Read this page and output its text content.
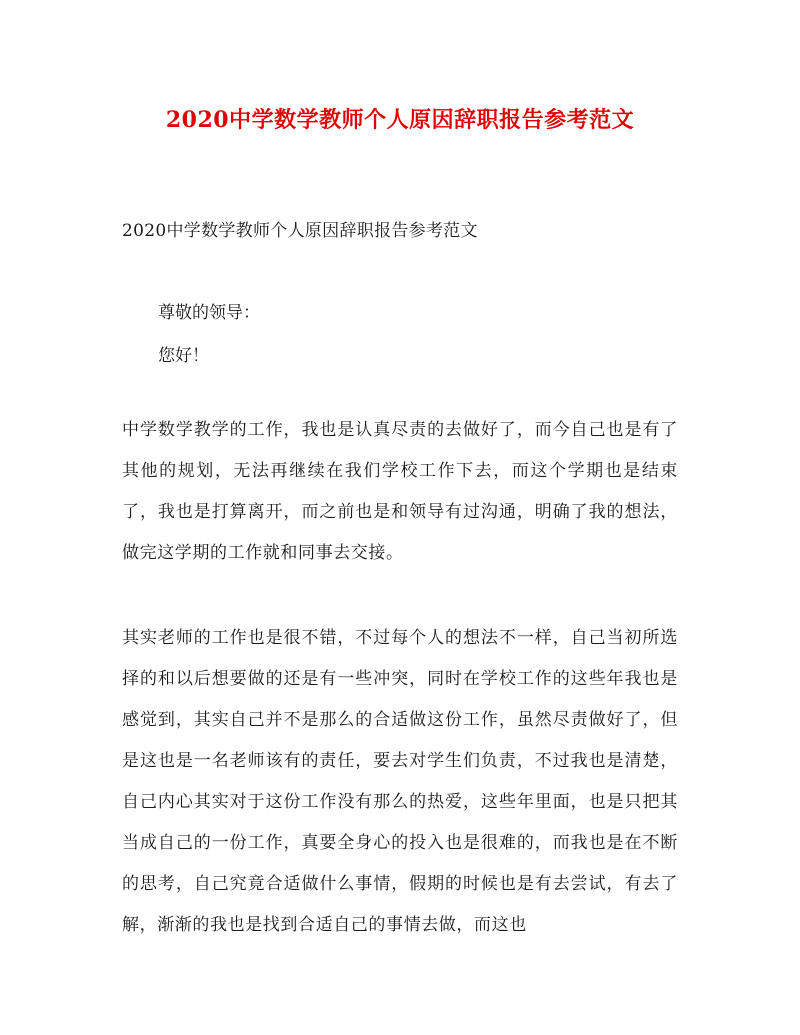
2020中学数学教师个人原因辞职报告参考范文
2020中学数学教师个人原因辞职报告参考范文
尊敬的领导：
您好！

中学数学教学的工作，我也是认真尽责的去做好了，而今自己也是有了其他的规划，无法再继续在我们学校工作下去，而这个学期也是结束了，我也是打算离开，而之前也是和领导有过沟通，明确了我的想法，做完这学期的工作就和同事去交接。

其实老师的工作也是很不错，不过每个人的想法不一样，自己当初所选择的和以后想要做的还是有一些冲突，同时在学校工作的这些年我也是感觉到，其实自己并不是那么的合适做这份工作，虽然尽责做好了，但是这也是一名老师该有的责任，要去对学生们负责，不过我也是清楚，自己内心其实对于这份工作没有那么的热爱，这些年里面，也是只把其当成自己的一份工作，真要全身心的投入也是很难的，而我也是在不断的思考，自己究竟合适做什么事情，假期的时候也是有去尝试，有去了解，渐渐的我也是找到合适自己的事情去做，而这也
